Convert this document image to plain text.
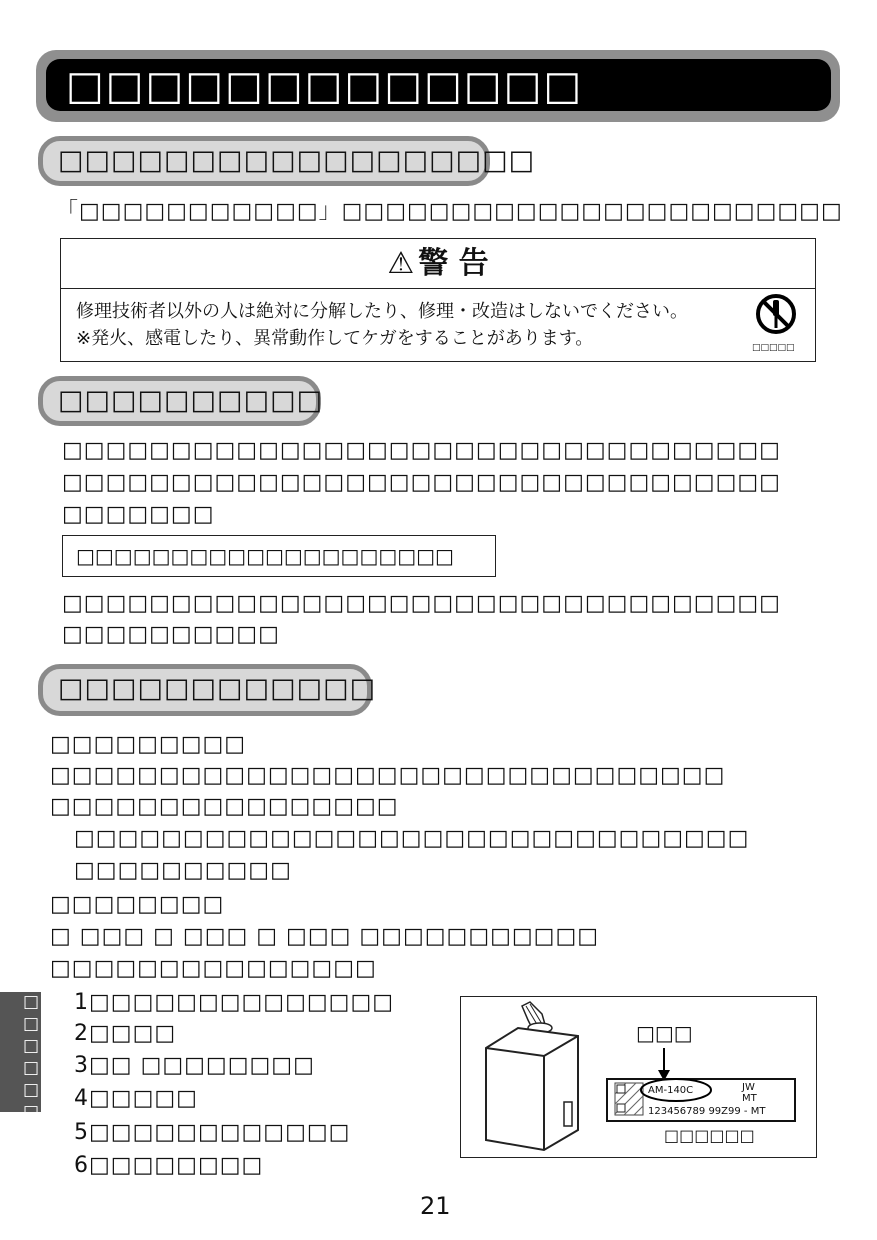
□□□□□□□□□□□□□
□□□□□□□□□□□□□□□□□□
「□□□□□□□□□□□」□□□□□□□□□□□□□□□□□□□□□□□
⚠ 警 告
修理技術者以外の人は絶対に分解したり、修理・改造はしないでください。
※発火、感電したり、異常動作してケガをすることがあります。	□□□□□
□□□□□□□□□□
□□□□□□□□□□□□□□□□□□□□□□□□□□□□□□□□□
□□□□□□□□□□□□□□□□□□□□□□□□□□□□□□□□□
□□□□□□□
□□□□□□□□□□□□□□□□□□□□
□□□□□□□□□□□□□□□□□□□□□□□□□□□□□□□□□
□□□□□□□□□□
□□□□□□□□□□□□
□□□□□□□□□
□□□□□□□□□□□□□□□□□□□□□□□□□□□□□□□
□□□□□□□□□□□□□□□□
□□□□□□□□□□□□□□□□□□□□□□□□□□□□□□□
□□□□□□□□□□
□□□□□□□□
□ □□□ □ □□□ □ □□□ □□□□□□□□□□□
□□□□□□□□□□□□□□□
1□□□□□□□□□□□□□□
2□□□□
3□□ □□□□□□□□
4□□□□□
5□□□□□□□□□□□□
6□□□□□□□□
□□□□□□	□□□
AM-140C	JW
MT
123456789 99Z99 - MT
□□□□□□
21
